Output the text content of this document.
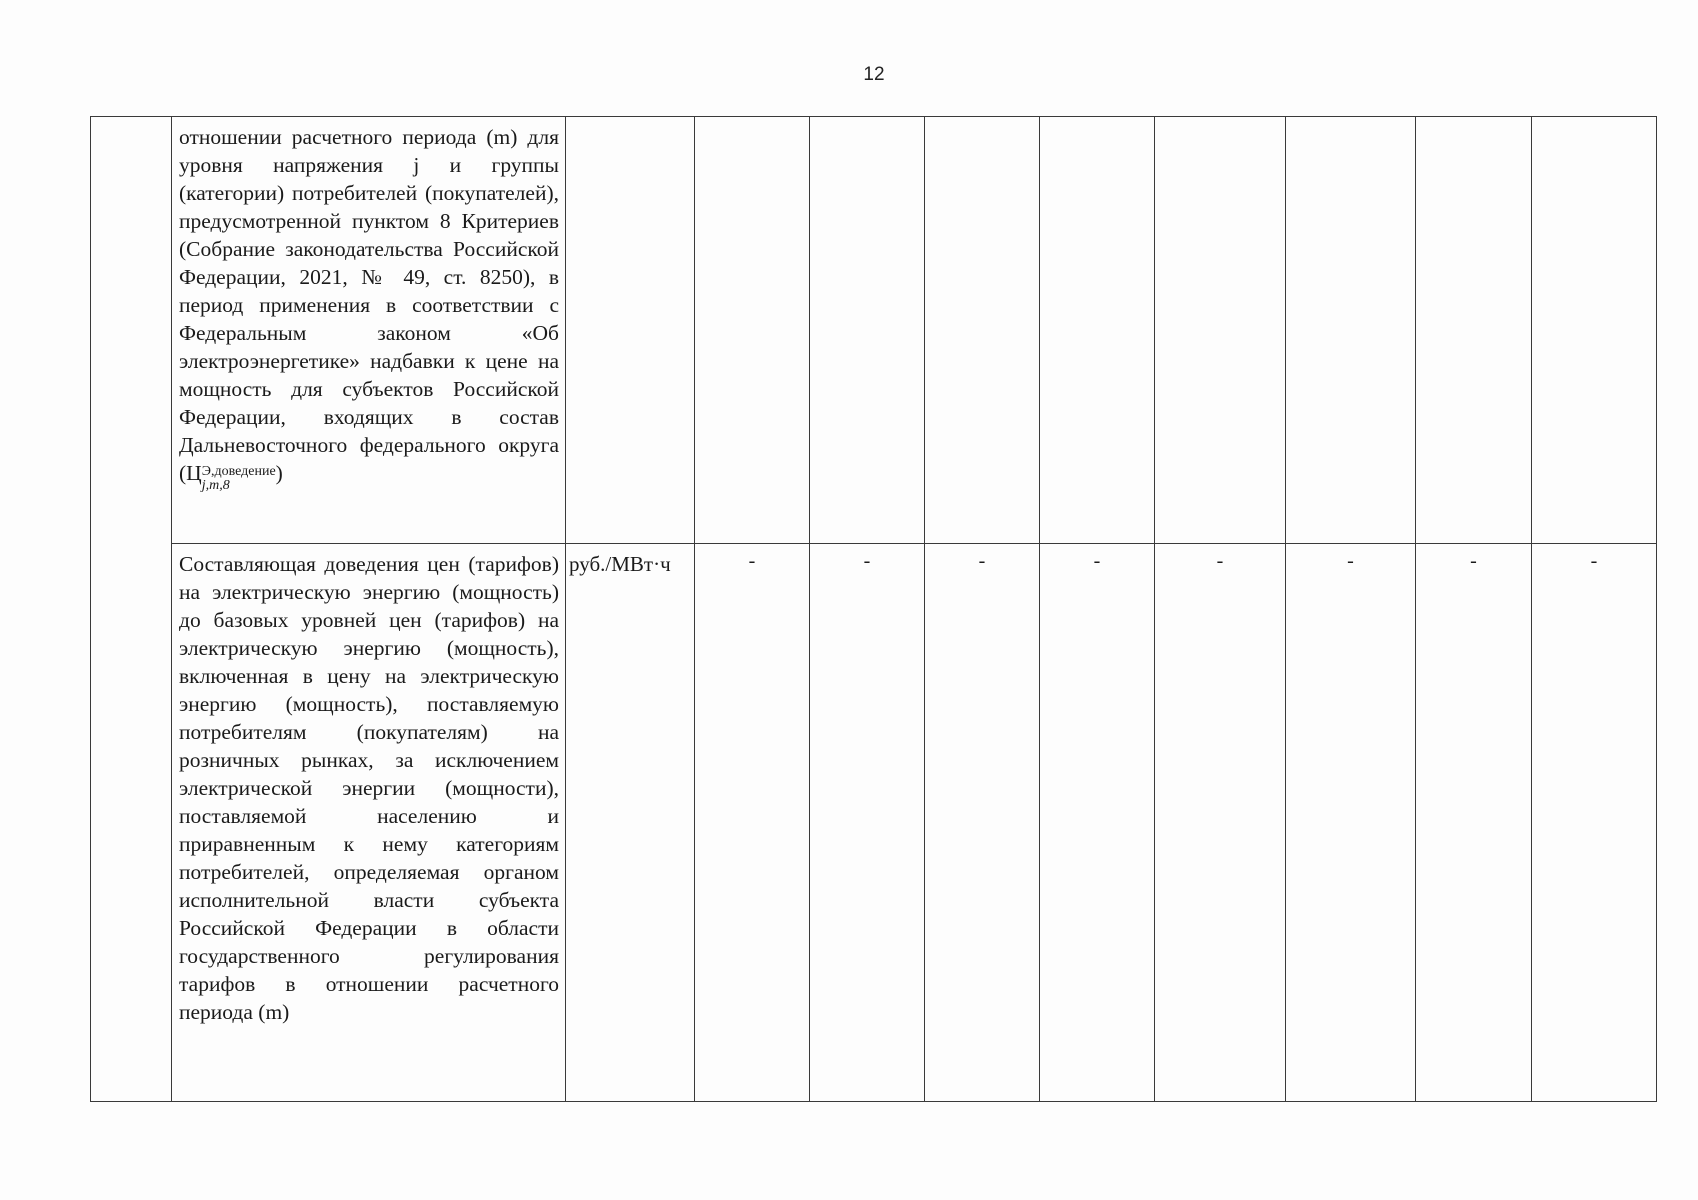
12
	отношении расчетного периода (m) для уровня напряжения j и группы (категории) потребителей (покупателей), предусмотренной пунктом 8 Критериев (Собрание законодательства Российской Федерации, 2021, № 49, ст. 8250), в период применения в соответствии с Федеральным законом «Об электроэнергетике» надбавки к цене на мощность для субъектов Российской Федерации, входящих в состав Дальневосточного федерального округа (Ц Э,доведение
j,m,8
)									
	Составляющая доведения цен (тарифов) на электрическую энергию (мощность) до базовых уровней цен (тарифов) на электрическую энергию (мощность), включенная в цену на электрическую энергию (мощность), поставляемую потребителям (покупателям) на розничных рынках, за исключением электрической энергии (мощности), поставляемой населению и приравненным к нему категориям потребителей, определяемая органом исполнительной власти субъекта Российской Федерации в области государственного регулирования тарифов в отношении расчетного периода (m)	руб./МВт·ч	-	-	-	-	-	-	-	-
